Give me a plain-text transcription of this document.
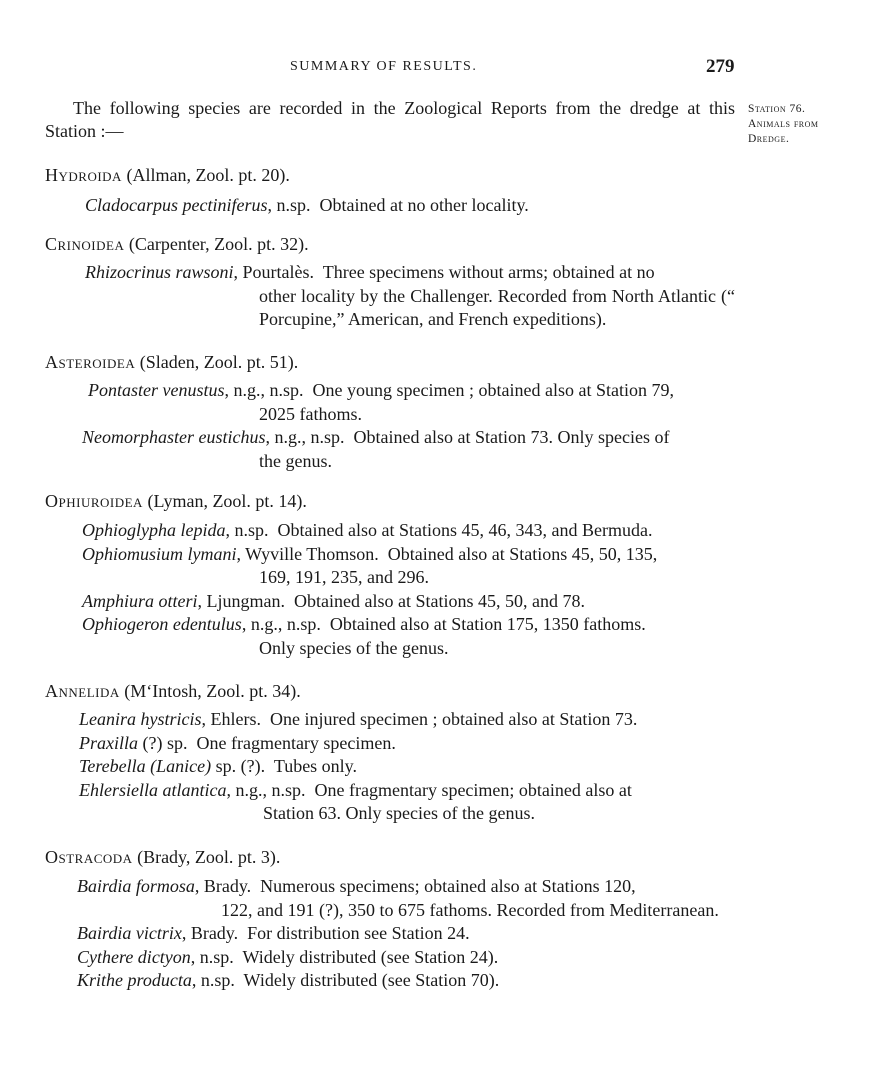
SUMMARY OF RESULTS.	279
Station 76.
Animals from
Dredge.

The following species are recorded in the Zoological Reports from the dredge at this Station :—

Hydroida (Allman, Zool. pt. 20).
Cladocarpus pectiniferus, n.sp. Obtained at no other locality.
Crinoidea (Carpenter, Zool. pt. 32).
Rhizocrinus rawsoni, Pourtalès. Three specimens without arms; obtained at no
other locality by the Challenger. Recorded from North Atlantic (“ Porcupine,” American, and French expeditions).
Asteroidea (Sladen, Zool. pt. 51).
Pontaster venustus, n.g., n.sp. One young specimen ; obtained also at Station 79,
2025 fathoms.
Neomorphaster eustichus, n.g., n.sp. Obtained also at Station 73. Only species of
the genus.
Ophiuroidea (Lyman, Zool. pt. 14).
Ophioglypha lepida, n.sp. Obtained also at Stations 45, 46, 343, and Bermuda.
Ophiomusium lymani, Wyville Thomson. Obtained also at Stations 45, 50, 135,
169, 191, 235, and 296.
Amphiura otteri, Ljungman. Obtained also at Stations 45, 50, and 78.
Ophiogeron edentulus, n.g., n.sp. Obtained also at Station 175, 1350 fathoms.
Only species of the genus.
Annelida (M‘Intosh, Zool. pt. 34).
Leanira hystricis, Ehlers. One injured specimen ; obtained also at Station 73.
Praxilla (?) sp. One fragmentary specimen.
Terebella (Lanice) sp. (?). Tubes only.
Ehlersiella atlantica, n.g., n.sp. One fragmentary specimen; obtained also at
Station 63. Only species of the genus.
Ostracoda (Brady, Zool. pt. 3).
Bairdia formosa, Brady. Numerous specimens; obtained also at Stations 120,
122, and 191 (?), 350 to 675 fathoms. Recorded from Mediterranean.
Bairdia victrix, Brady. For distribution see Station 24.
Cythere dictyon, n.sp. Widely distributed (see Station 24).
Krithe producta, n.sp. Widely distributed (see Station 70).
